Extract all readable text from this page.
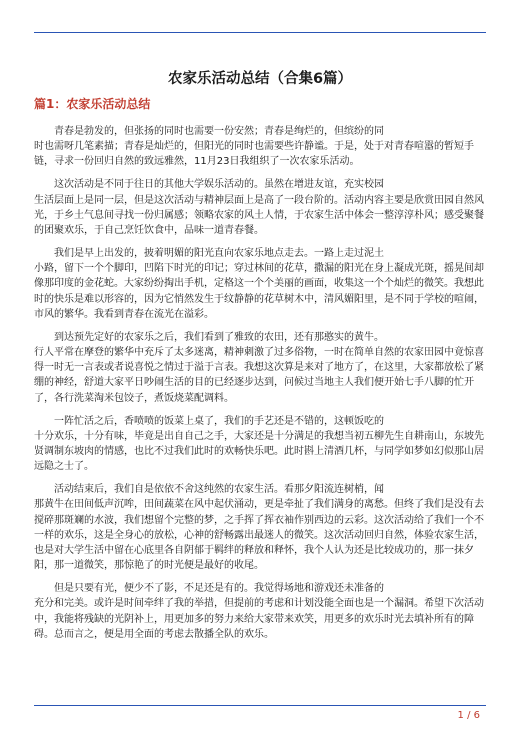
农家乐活动总结（合集6篇）
篇1：农家乐活动总结

青春是勃发的，但张扬的同时也需要一份安然；青春是绚烂的，但缤纷的同
时也需呀几笔素描；青春是灿烂的，但阳光的同时也需要些许静谧。于是，处于对青春喧嚣的暂短手链，寻求一份回归自然的致远雅然，11月23日我组织了一次农家乐活动。

这次活动是不同于往日的其他大学娱乐活动的。虽然在增进友谊，充实校园
生活层面上是同一层，但是这次活动与精神层面上是高了一段台阶的。活动内容主要是欣赏田园自然风光，于乡土气息间寻找一份归属感；领略农家的风土人情，于农家生活中体会一整淳淳朴风；感受聚餐的团聚欢乐，于自己烹饪饮食中，品味一道青春餐。

我们是早上出发的，披着明媚的阳光直向农家乐地点走去。一路上走过泥土
小路，留下一个个脚印，凹陷下时光的印记；穿过林间的花草，撒漏的阳光在身上凝成光斑，摇晃间却像那印度的金花蛇。大家纷纷掏出手机，定格这一个个美丽的画面，收集这一个个灿烂的微笑。我想此时的快乐是难以形容的，因为它悄然发生于纹静静的花草树木中，清风媚阳里，是不同于学校的喧闹，市风的繁华。我看到青春在流光在溢彩。

到达预先定好的农家乐之后，我们看到了雅致的农田，还有那憨实的黄牛。
行人平常在摩登的繁华中充斥了太多迷离，精神刺激了过多俗物，一时在简单自然的农家田园中竟惊喜得一时无一言表或者说喜悦之情过于溢于言表。我想这次算是来对了地方了，在这里，大家都放松了紧绷的神经，舒道大家平日吵闹生活的目的已经逐步达到，问候过当地主人我们便开始七手八脚的忙开了，各行洗菜淘米包饺子，煮饭烧菜配调料。

一阵忙活之后，香喷喷的饭菜上桌了，我们的手艺还是不错的，这顿饭吃的
十分欢乐，十分有味，毕竟是出自自己之手，大家还是十分满足的我想当初五柳先生自耕南山，东坡先贤调制东坡肉的情感，也比不过我们此时的欢畅快乐吧。此时斟上清酒几杯，与同学如梦如幻似那山居远隐之士了。

活动结束后，我们自是依依不舍这纯然的农家生活。看那夕阳流连树梢，闻
那黄牛在田间低声沉哞，田间蔬菜在风中起伏涌动，更是牵扯了我们满身的离愁。但终了我们是没有去搅碎那斑斓的水波，我们想留个完整的梦，之手挥了挥衣袖作别西边的云彩。这次活动给了我们一个不一样的欢乐，这是全身心的放松，心神的舒畅露出最迷人的微笑。这次活动回归自然，体验农家生活，也是对大学生活中留在心底里各自阴郁于羁绊的释放和释怀，我个人认为还是比较成功的，那一抹夕阳，那一道微笑，那惊艳了的时光便是最好的收尾。

但是只要有光，便少不了影，不足还是有的。我觉得场地和游戏还未准备的
充分和完美。或许是时间牵绊了我的举措，但提前的考虑和计划没能全面也是一个漏洞。希望下次活动中，我能将残缺的光阴补上，用更加多的努力来给大家带来欢笑，用更多的欢乐时光去填补所有的障碍。总而言之，便是用全面的考虑去散播全队的欢乐。

1 / 6
